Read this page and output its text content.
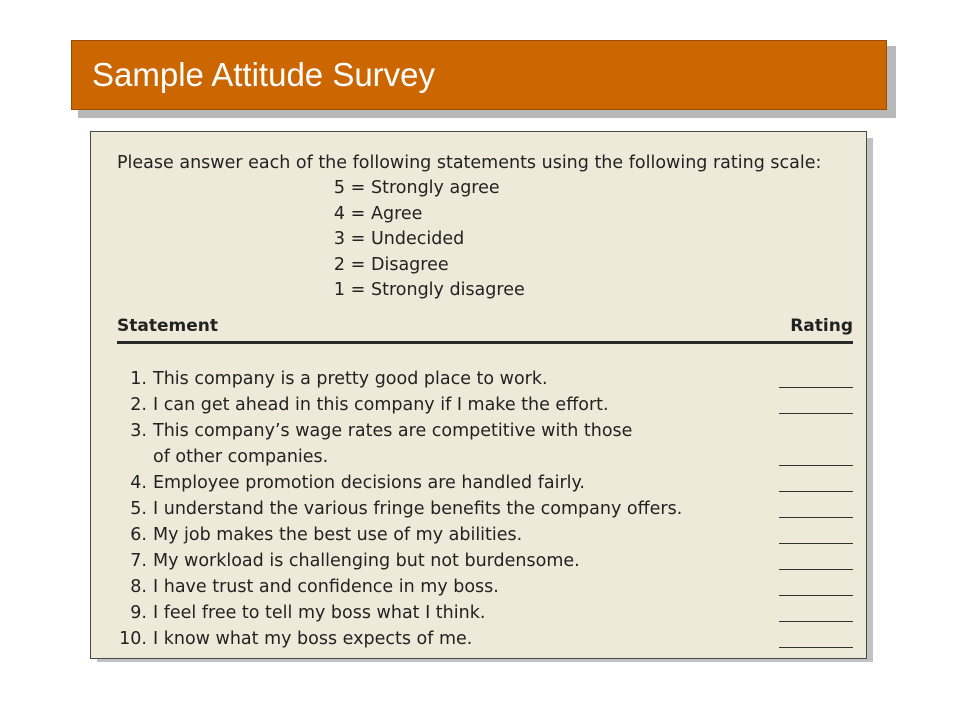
Sample Attitude Survey
Please answer each of the following statements using the following rating scale:
5 = Strongly agree
4 = Agree
3 = Undecided
2 = Disagree
1 = Strongly disagree
Statement	Rating
1. This company is a pretty good place to work.
2. I can get ahead in this company if I make the effort.
3. This company’s wage rates are competitive with those
of other companies.
4. Employee promotion decisions are handled fairly.
5. I understand the various fringe benefits the company offers.
6. My job makes the best use of my abilities.
7. My workload is challenging but not burdensome.
8. I have trust and confidence in my boss.
9. I feel free to tell my boss what I think.
10. I know what my boss expects of me.
